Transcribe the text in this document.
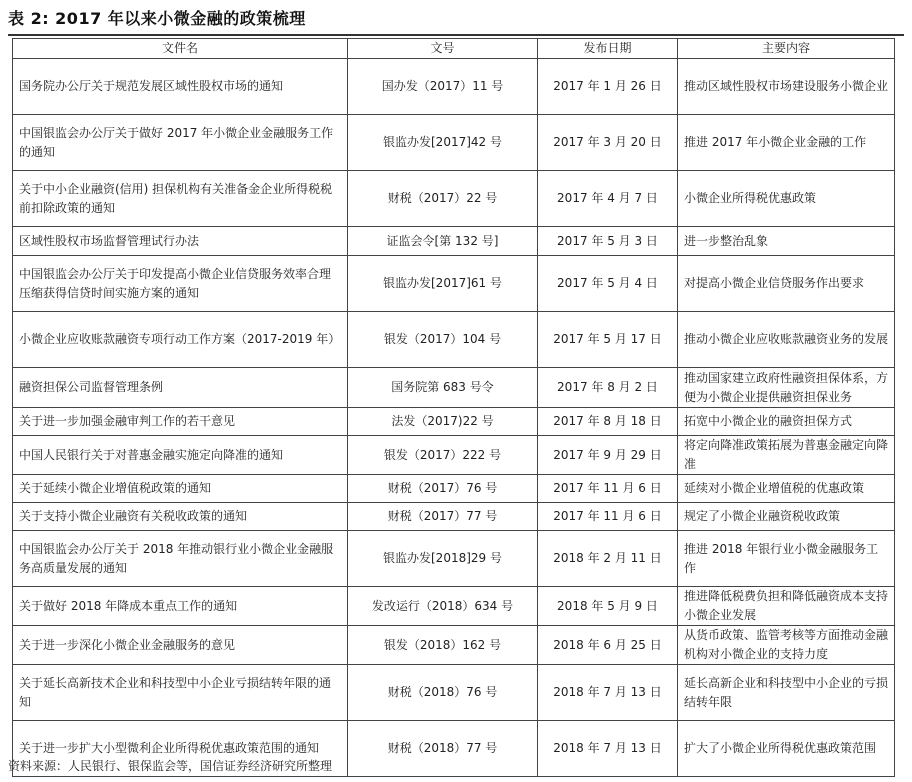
表 2: 2017 年以来小微金融的政策梳理
文件名	文号	发布日期	主要内容
国务院办公厅关于规范发展区域性股权市场的通知	国办发（2017）11 号	2017 年 1 月 26 日	推动区域性股权市场建设服务小微企业
中国银监会办公厅关于做好 2017 年小微企业金融服务工作的通知	银监办发[2017]42 号	2017 年 3 月 20 日	推进 2017 年小微企业金融的工作
关于中小企业融资(信用) 担保机构有关准备金企业所得税税前扣除政策的通知	财税（2017）22 号	2017 年 4 月 7 日	小微企业所得税优惠政策
区域性股权市场监督管理试行办法	证监会令[第 132 号]	2017 年 5 月 3 日	进一步整治乱象
中国银监会办公厅关于印发提高小微企业信贷服务效率合理压缩获得信贷时间实施方案的通知	银监办发[2017]61 号	2017 年 5 月 4 日	对提高小微企业信贷服务作出要求
小微企业应收账款融资专项行动工作方案（2017-2019 年）	银发（2017）104 号	2017 年 5 月 17 日	推动小微企业应收账款融资业务的发展
融资担保公司监督管理条例	国务院第 683 号令	2017 年 8 月 2 日	推动国家建立政府性融资担保体系，方便为小微企业提供融资担保业务
关于进一步加强金融审判工作的若干意见	法发（2017)22 号	2017 年 8 月 18 日	拓宽中小微企业的融资担保方式
中国人民银行关于对普惠金融实施定向降准的通知	银发（2017）222 号	2017 年 9 月 29 日	将定向降准政策拓展为普惠金融定向降准
关于延续小微企业增值税政策的通知	财税（2017）76 号	2017 年 11 月 6 日	延续对小微企业增值税的优惠政策
关于支持小微企业融资有关税收政策的通知	财税（2017）77 号	2017 年 11 月 6 日	规定了小微企业融资税收政策
中国银监会办公厅关于 2018 年推动银行业小微企业金融服务高质量发展的通知	银监办发[2018]29 号	2018 年 2 月 11 日	推进 2018 年银行业小微金融服务工作
关于做好 2018 年降成本重点工作的通知	发改运行（2018）634 号	2018 年 5 月 9 日	推进降低税费负担和降低融资成本支持小微企业发展
关于进一步深化小微企业金融服务的意见	银发（2018）162 号	2018 年 6 月 25 日	从货币政策、监管考核等方面推动金融机构对小微企业的支持力度
关于延长高新技术企业和科技型中小企业亏损结转年限的通知	财税（2018）76 号	2018 年 7 月 13 日	延长高新企业和科技型中小企业的亏损结转年限
关于进一步扩大小型微利企业所得税优惠政策范围的通知	财税（2018）77 号	2018 年 7 月 13 日	扩大了小微企业所得税优惠政策范围
资料来源：人民银行、银保监会等，国信证券经济研究所整理
